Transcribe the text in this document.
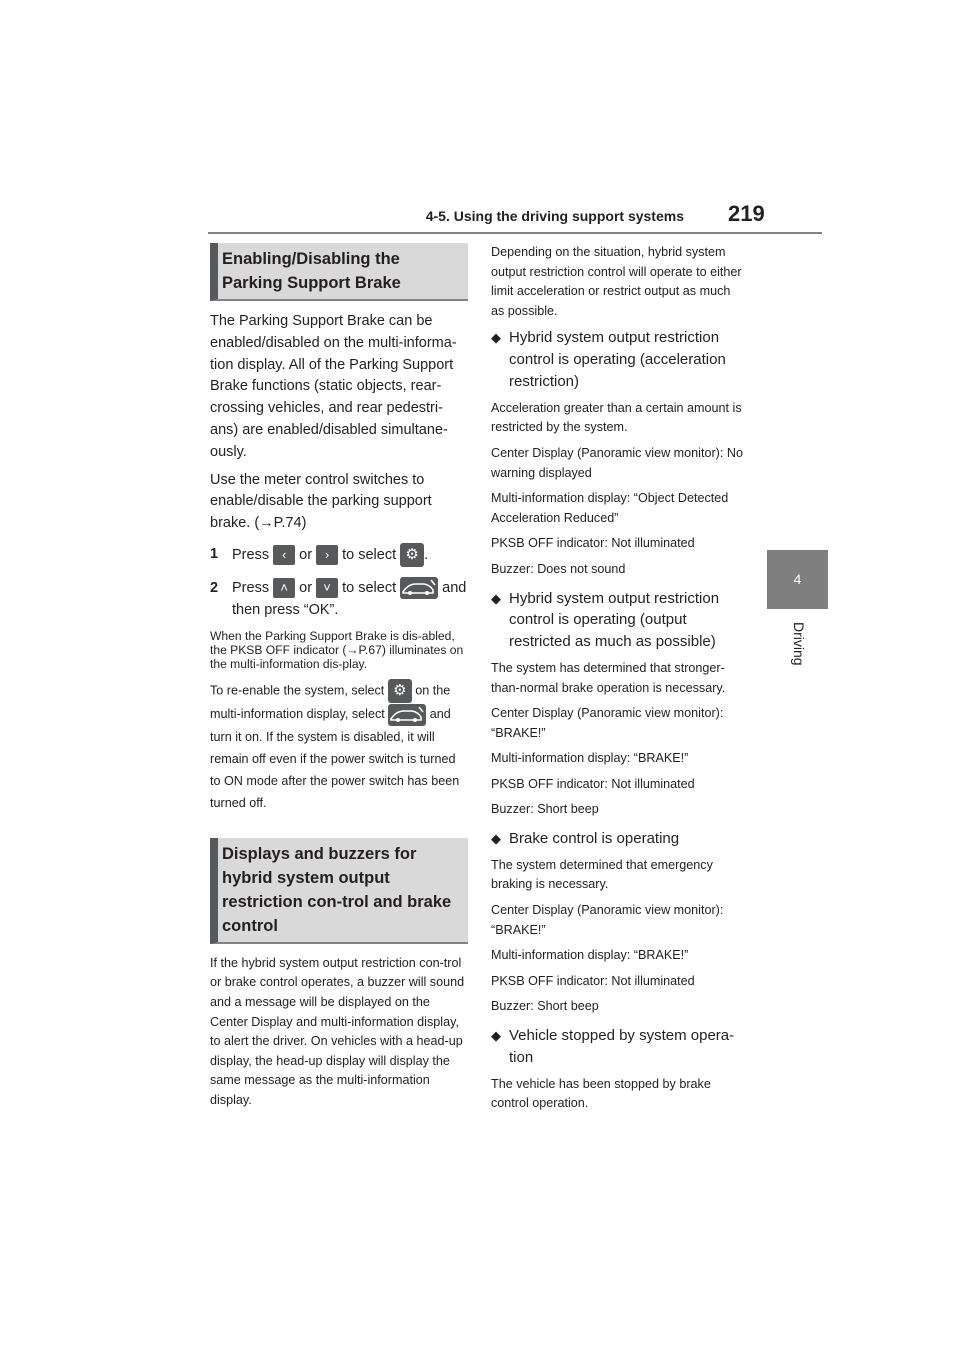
4-5. Using the driving support systems 219
4
Driving
Enabling/Disabling the Parking Support Brake

The Parking Support Brake can be enabled/disabled on the multi-informa-tion display. All of the Parking Support Brake functions (static objects, rear-crossing vehicles, and rear pedestri-ans) are enabled/disabled simultane-ously.

Use the meter control switches to enable/disable the parking support brake. (→P.74)

1 Press ‹ or › to select ⚙ .
2 Press ˄ or ˅ to select	and then press “OK”.

When the Parking Support Brake is dis-abled, the PKSB OFF indicator (→P.67) illuminates on the multi-information dis-play.

To re-enable the system, select ⚙ on the multi-information display, select	and turn it on. If the system is disabled, it will remain off even if the power switch is turned to ON mode after the power switch has been turned off.

Displays and buzzers for hybrid system output restriction con-trol and brake control

If the hybrid system output restriction con-trol or brake control operates, a buzzer will sound and a message will be displayed on the Center Display and multi-information display, to alert the driver. On vehicles with a head-up display, the head-up display will display the same message as the multi-information display.

Depending on the situation, hybrid system output restriction control will operate to either limit acceleration or restrict output as much as possible.

◆ Hybrid system output restriction control is operating (acceleration restriction)

Acceleration greater than a certain amount is restricted by the system.

Center Display (Panoramic view monitor): No warning displayed

Multi-information display: “Object Detected Acceleration Reduced”

PKSB OFF indicator: Not illuminated

Buzzer: Does not sound

◆ Hybrid system output restriction control is operating (output restricted as much as possible)

The system has determined that stronger-than-normal brake operation is necessary.

Center Display (Panoramic view monitor): “BRAKE!”

Multi-information display: “BRAKE!”

PKSB OFF indicator: Not illuminated

Buzzer: Short beep

◆ Brake control is operating

The system determined that emergency braking is necessary.

Center Display (Panoramic view monitor): “BRAKE!”

Multi-information display: “BRAKE!”

PKSB OFF indicator: Not illuminated

Buzzer: Short beep

◆ Vehicle stopped by system opera-tion

The vehicle has been stopped by brake control operation.
